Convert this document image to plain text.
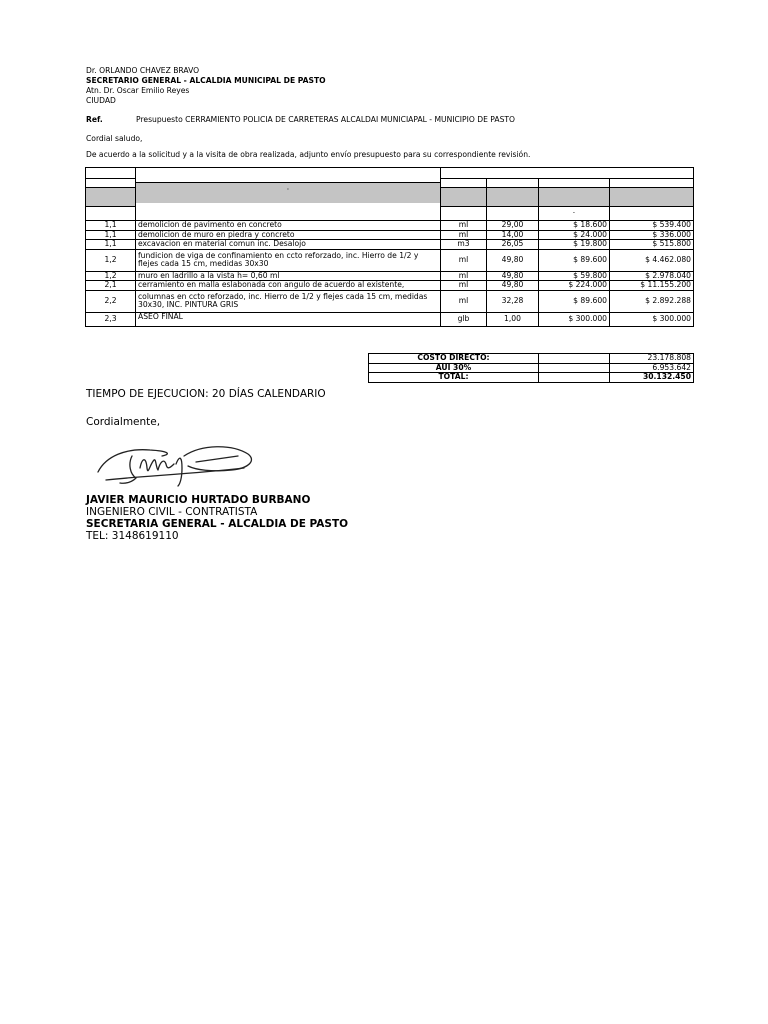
Dr. ORLANDO CHAVEZ BRAVO
SECRETARIO GENERAL - ALCALDIA MUNICIPAL DE PASTO
Atn. Dr. Oscar Emilio Reyes
CIUDAD
Ref.	Presupuesto CERRAMIENTO POLICIA DE CARRETERAS ALCALDAI MUNICIAPAL - MUNICIPIO DE PASTO
Cordial saludo,
De acuerdo a la solicitud y a la visita de obra realizada, adjunto envío presupuesto para su correspondiente revisión.

	·				

				.	
1,1	demolicion de pavimento en concreto	ml	29,00	$ 18.600	$ 539.400
1,1	demolicion de muro en piedra y concreto	ml	14,00	$ 24.000	$ 336.000
1,1	excavacion en material comun inc. Desalojo	m3	26,05	$ 19.800	$ 515.800
1,2	fundicion de viga de confinamiento en ccto reforzado, inc. Hierro de 1/2 y flejes cada 15 cm, medidas 30x30	ml	49,80	$ 89.600	$ 4.462.080
1,2	muro en ladrillo a la vista h= 0,60 ml	ml	49,80	$ 59.800	$ 2.978.040
2,1	cerramiento en malla eslabonada con angulo de acuerdo al existente,	ml	49,80	$ 224.000	$ 11.155.200
2,2	columnas en ccto reforzado, inc. Hierro de 1/2 y flejes cada 15 cm, medidas 30x30, INC. PINTURA GRIS	ml	32,28	$ 89.600	$ 2.892.288
2,3	ASEO FINAL	glb	1,00	$ 300.000	$ 300.000
COSTO DIRECTO:		23.178.808
AUI 30%		6.953.642
TOTAL:		30.132.450
TIEMPO DE EJECUCION: 20 DÍAS CALENDARIO
Cordialmente,
JAVIER MAURICIO HURTADO BURBANO
INGENIERO CIVIL - CONTRATISTA
SECRETARIA GENERAL - ALCALDIA DE PASTO
TEL: 3148619110
